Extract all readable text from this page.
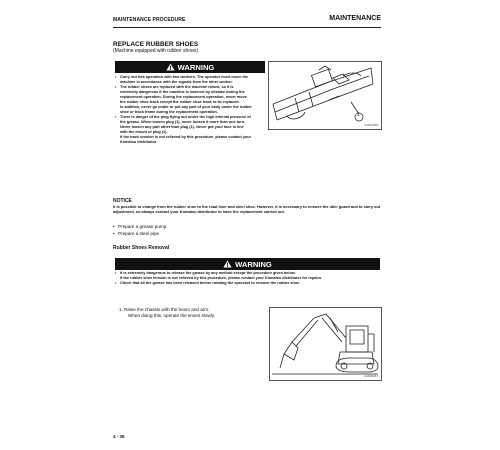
MAINTENANCE PROCEDURE	MAINTENANCE
REPLACE RUBBER SHOES
(Machine equipped with rubber shoes)
WARNING
• Carry out this operation with two workers. The operator must move the
machine in accordance with the signals from the other worker.
• The rubber shoes are replaced with the machine raised, so it is
extremely dangerous if the machine is lowered by mistake during the
replacement operation. During the replacement operation, never move
the rubber shoe track except the rubber shoe track to be replaced.
In addition, never go under or put any part of your body under the rubber
shoe or track frame during the replacement operation.
• There is danger of the plug flying out under the high internal pressure of
the grease. When loosen plug (1), never loosen it more than one turn.
Never loosen any part other than plug (1). Never put your face in line
with the mount of plug (1).
If the track tension is not relieved by this procedure, please contact your
Komatsu distributor.
1
9JA01038
NOTICE
It is possible to change from the rubber shoe to the road liner and steel shoe. However, it is necessary to remove the idler guard and to carry out adjustment, so always contact your Komatsu distributor to have the replacement carried out.
• Prepare a grease pump
• Prepare a steel pipe
Rubber Shoes Removal
WARNING
• It is extremely dangerous to release the grease by any method except the procedure given below.
If the rubber shoe tension is not relieved by this procedure, please contact your Komatsu distributor for repairs.
• Check that all the grease has been released before rotating the sprocket to remove the rubber shoe.
1. Raise the chassis with the boom and arm.
When doing this, operate the levers slowly.
9JA00187
4 - 36
